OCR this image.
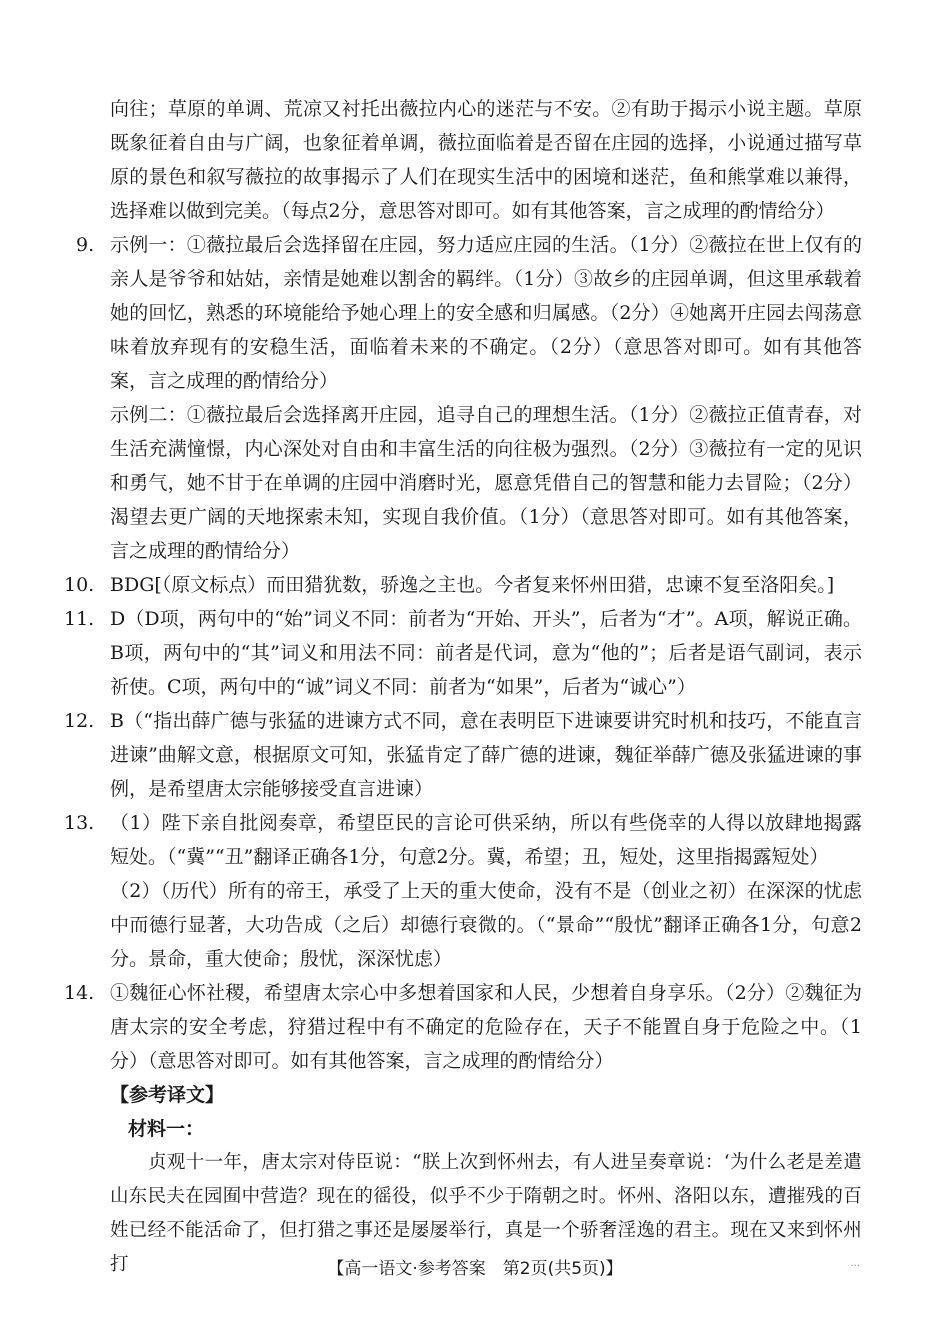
向往；草原的单调、荒凉又衬托出薇拉内心的迷茫与不安。②有助于揭示小说主题。草原既象征着自由与广阔，也象征着单调，薇拉面临着是否留在庄园的选择，小说通过描写草原的景色和叙写薇拉的故事揭示了人们在现实生活中的困境和迷茫，鱼和熊掌难以兼得，选择难以做到完美。（每点2分，意思答对即可。如有其他答案，言之成理的酌情给分）

9. 示例一：①薇拉最后会选择留在庄园，努力适应庄园的生活。（1分）②薇拉在世上仅有的亲人是爷爷和姑姑，亲情是她难以割舍的羁绊。（1分）③故乡的庄园单调，但这里承载着她的回忆，熟悉的环境能给予她心理上的安全感和归属感。（2分）④她离开庄园去闯荡意味着放弃现有的安稳生活，面临着未来的不确定。（2分）（意思答对即可。如有其他答案，言之成理的酌情给分）

示例二：①薇拉最后会选择离开庄园，追寻自己的理想生活。（1分）②薇拉正值青春，对生活充满憧憬，内心深处对自由和丰富生活的向往极为强烈。（2分）③薇拉有一定的见识和勇气，她不甘于在单调的庄园中消磨时光，愿意凭借自己的智慧和能力去冒险；（2分）渴望去更广阔的天地探索未知，实现自我价值。（1分）（意思答对即可。如有其他答案，言之成理的酌情给分）

10. BDG[（原文标点）而田猎犹数，骄逸之主也。今者复来怀州田猎，忠谏不复至洛阳矣。]

11. D（D项，两句中的“始”词义不同：前者为“开始、开头”，后者为“才”。A项，解说正确。B项，两句中的“其”词义和用法不同：前者是代词，意为“他的”；后者是语气副词，表示祈使。C项，两句中的“诚”词义不同：前者为“如果”，后者为“诚心”）

12. B（“指出薛广德与张猛的进谏方式不同，意在表明臣下进谏要讲究时机和技巧，不能直言进谏”曲解文意，根据原文可知，张猛肯定了薛广德的进谏，魏征举薛广德及张猛进谏的事例，是希望唐太宗能够接受直言进谏）

13. （1）陛下亲自批阅奏章，希望臣民的言论可供采纳，所以有些侥幸的人得以放肆地揭露短处。（“冀”“丑”翻译正确各1分，句意2分。冀，希望；丑，短处，这里指揭露短处）

（2）（历代）所有的帝王，承受了上天的重大使命，没有不是（创业之初）在深深的忧虑中而德行显著，大功告成（之后）却德行衰微的。（“景命”“殷忧”翻译正确各1分，句意2分。景命，重大使命；殷忧，深深忧虑）

14. ①魏征心怀社稷，希望唐太宗心中多想着国家和人民，少想着自身享乐。（2分）②魏征为唐太宗的安全考虑，狩猎过程中有不确定的危险存在，天子不能置自身于危险之中。（1分）（意思答对即可。如有其他答案，言之成理的酌情给分）

【参考译文】

材料一：

贞观十一年，唐太宗对侍臣说：“朕上次到怀州去，有人进呈奏章说：‘为什么老是差遣山东民夫在园囿中营造？现在的徭役，似乎不少于隋朝之时。怀州、洛阳以东，遭摧残的百姓已经不能活命了，但打猎之事还是屡屡举行，真是一个骄奢淫逸的君主。现在又来到怀州打	【高一语文·参考答案　第2页(共5页)】	...
